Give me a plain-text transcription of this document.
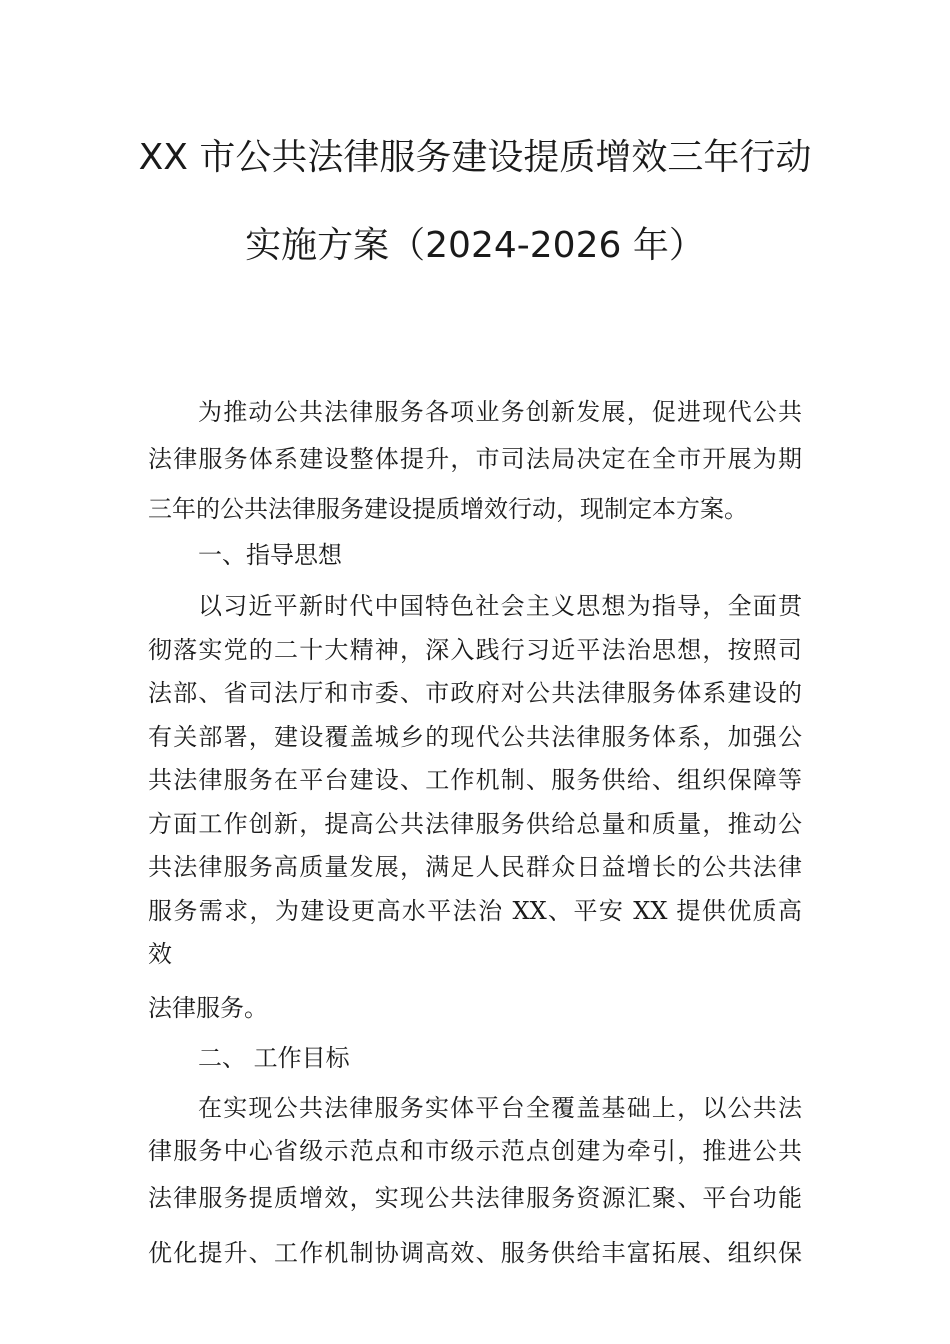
XX 市公共法律服务建设提质增效三年行动
实施方案（2024-2026 年）
为推动公共法律服务各项业务创新发展，促进现代公共
法律服务体系建设整体提升，市司法局决定在全市开展为期
三年的公共法律服务建设提质增效行动，现制定本方案。
一、指导思想
以习近平新时代中国特色社会主义思想为指导，全面贯
彻落实党的二十大精神，深入践行习近平法治思想，按照司
法部、省司法厅和市委、市政府对公共法律服务体系建设的
有关部署，建设覆盖城乡的现代公共法律服务体系，加强公
共法律服务在平台建设、工作机制、服务供给、组织保障等
方面工作创新，提高公共法律服务供给总量和质量，推动公
共法律服务高质量发展，满足人民群众日益增长的公共法律
服务需求，为建设更高水平法治 XX、平安 XX 提供优质高
效
法律服务。
二、 工作目标
在实现公共法律服务实体平台全覆盖基础上，以公共法
律服务中心省级示范点和市级示范点创建为牵引，推进公共
法律服务提质增效，实现公共法律服务资源汇聚、平台功能
优化提升、工作机制协调高效、服务供给丰富拓展、组织保
